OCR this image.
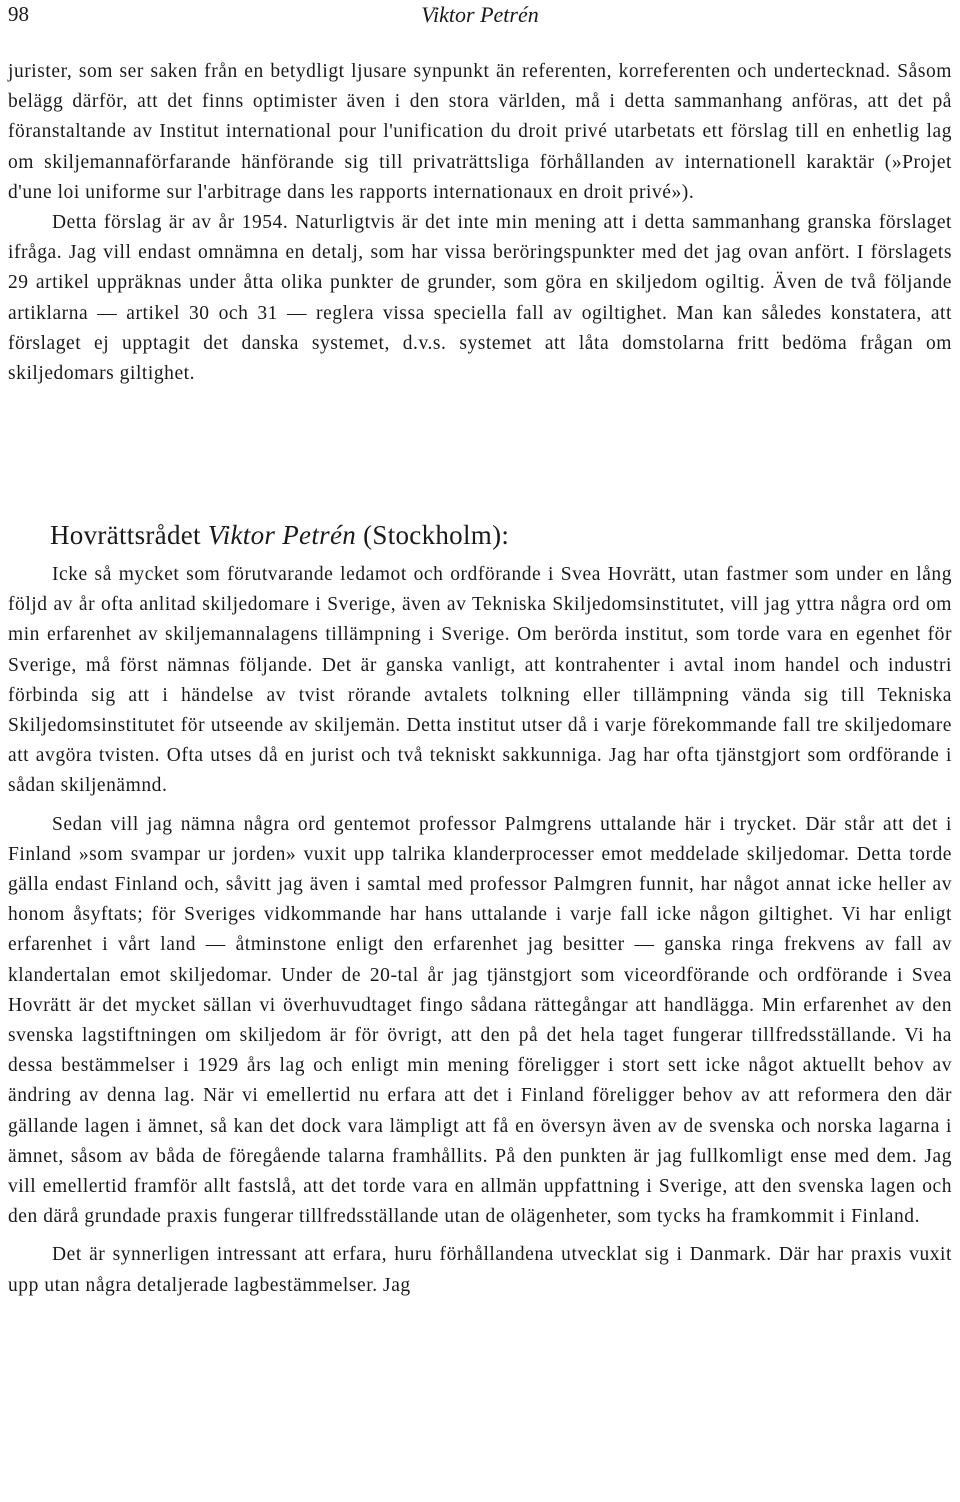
98	Viktor Petrén

jurister, som ser saken från en betydligt ljusare synpunkt än referenten, korreferenten och undertecknad. Såsom belägg därför, att det finns optimister även i den stora världen, må i detta sammanhang anföras, att det på föranstaltande av Institut international pour l'unification du droit privé utarbetats ett förslag till en enhetlig lag om skiljemannaförfarande hänförande sig till privaträttsliga förhållanden av internationell karaktär (»Projet d'une loi uniforme sur l'arbitrage dans les rapports internationaux en droit privé»).

Detta förslag är av år 1954. Naturligtvis är det inte min mening att i detta sammanhang granska förslaget ifråga. Jag vill endast omnämna en detalj, som har vissa beröringspunkter med det jag ovan anfört. I förslagets 29 artikel uppräknas under åtta olika punkter de grunder, som göra en skiljedom ogiltig. Även de två följande artiklarna — artikel 30 och 31 — reglera vissa speciella fall av ogiltighet. Man kan således konstatera, att förslaget ej upptagit det danska systemet, d.v.s. systemet att låta domstolarna fritt bedöma frågan om skiljedomars giltighet.

Hovrättsrådet Viktor Petrén (Stockholm):

Icke så mycket som förutvarande ledamot och ordförande i Svea Hovrätt, utan fastmer som under en lång följd av år ofta anlitad skiljedomare i Sverige, även av Tekniska Skiljedomsinstitutet, vill jag yttra några ord om min erfarenhet av skiljemannalagens tillämpning i Sverige. Om berörda institut, som torde vara en egenhet för Sverige, må först nämnas följande. Det är ganska vanligt, att kontrahenter i avtal inom handel och industri förbinda sig att i händelse av tvist rörande avtalets tolkning eller tillämpning vända sig till Tekniska Skiljedomsinstitutet för utseende av skiljemän. Detta institut utser då i varje förekommande fall tre skiljedomare att avgöra tvisten. Ofta utses då en jurist och två tekniskt sakkunniga. Jag har ofta tjänstgjort som ordförande i sådan skiljenämnd.

Sedan vill jag nämna några ord gentemot professor Palmgrens uttalande här i trycket. Där står att det i Finland »som svampar ur jorden» vuxit upp talrika klanderprocesser emot meddelade skiljedomar. Detta torde gälla endast Finland och, såvitt jag även i samtal med professor Palmgren funnit, har något annat icke heller av honom åsyftats; för Sveriges vidkommande har hans uttalande i varje fall icke någon giltighet. Vi har enligt erfarenhet i vårt land — åtminstone enligt den erfarenhet jag besitter — ganska ringa frekvens av fall av klandertalan emot skiljedomar. Under de 20-tal år jag tjänstgjort som viceordförande och ordförande i Svea Hovrätt är det mycket sällan vi överhuvudtaget fingo sådana rättegångar att handlägga. Min erfarenhet av den svenska lagstiftningen om skiljedom är för övrigt, att den på det hela taget fungerar tillfredsställande. Vi ha dessa bestämmelser i 1929 års lag och enligt min mening föreligger i stort sett icke något aktuellt behov av ändring av denna lag. När vi emellertid nu erfara att det i Finland föreligger behov av att reformera den där gällande lagen i ämnet, så kan det dock vara lämpligt att få en översyn även av de svenska och norska lagarna i ämnet, såsom av båda de föregående talarna framhållits. På den punkten är jag fullkomligt ense med dem. Jag vill emellertid framför allt fastslå, att det torde vara en allmän uppfattning i Sverige, att den svenska lagen och den därå grundade praxis fungerar tillfredsställande utan de olägenheter, som tycks ha framkommit i Finland.

Det är synnerligen intressant att erfara, huru förhållandena utvecklat sig i Danmark. Där har praxis vuxit upp utan några detaljerade lagbestämmelser. Jag
